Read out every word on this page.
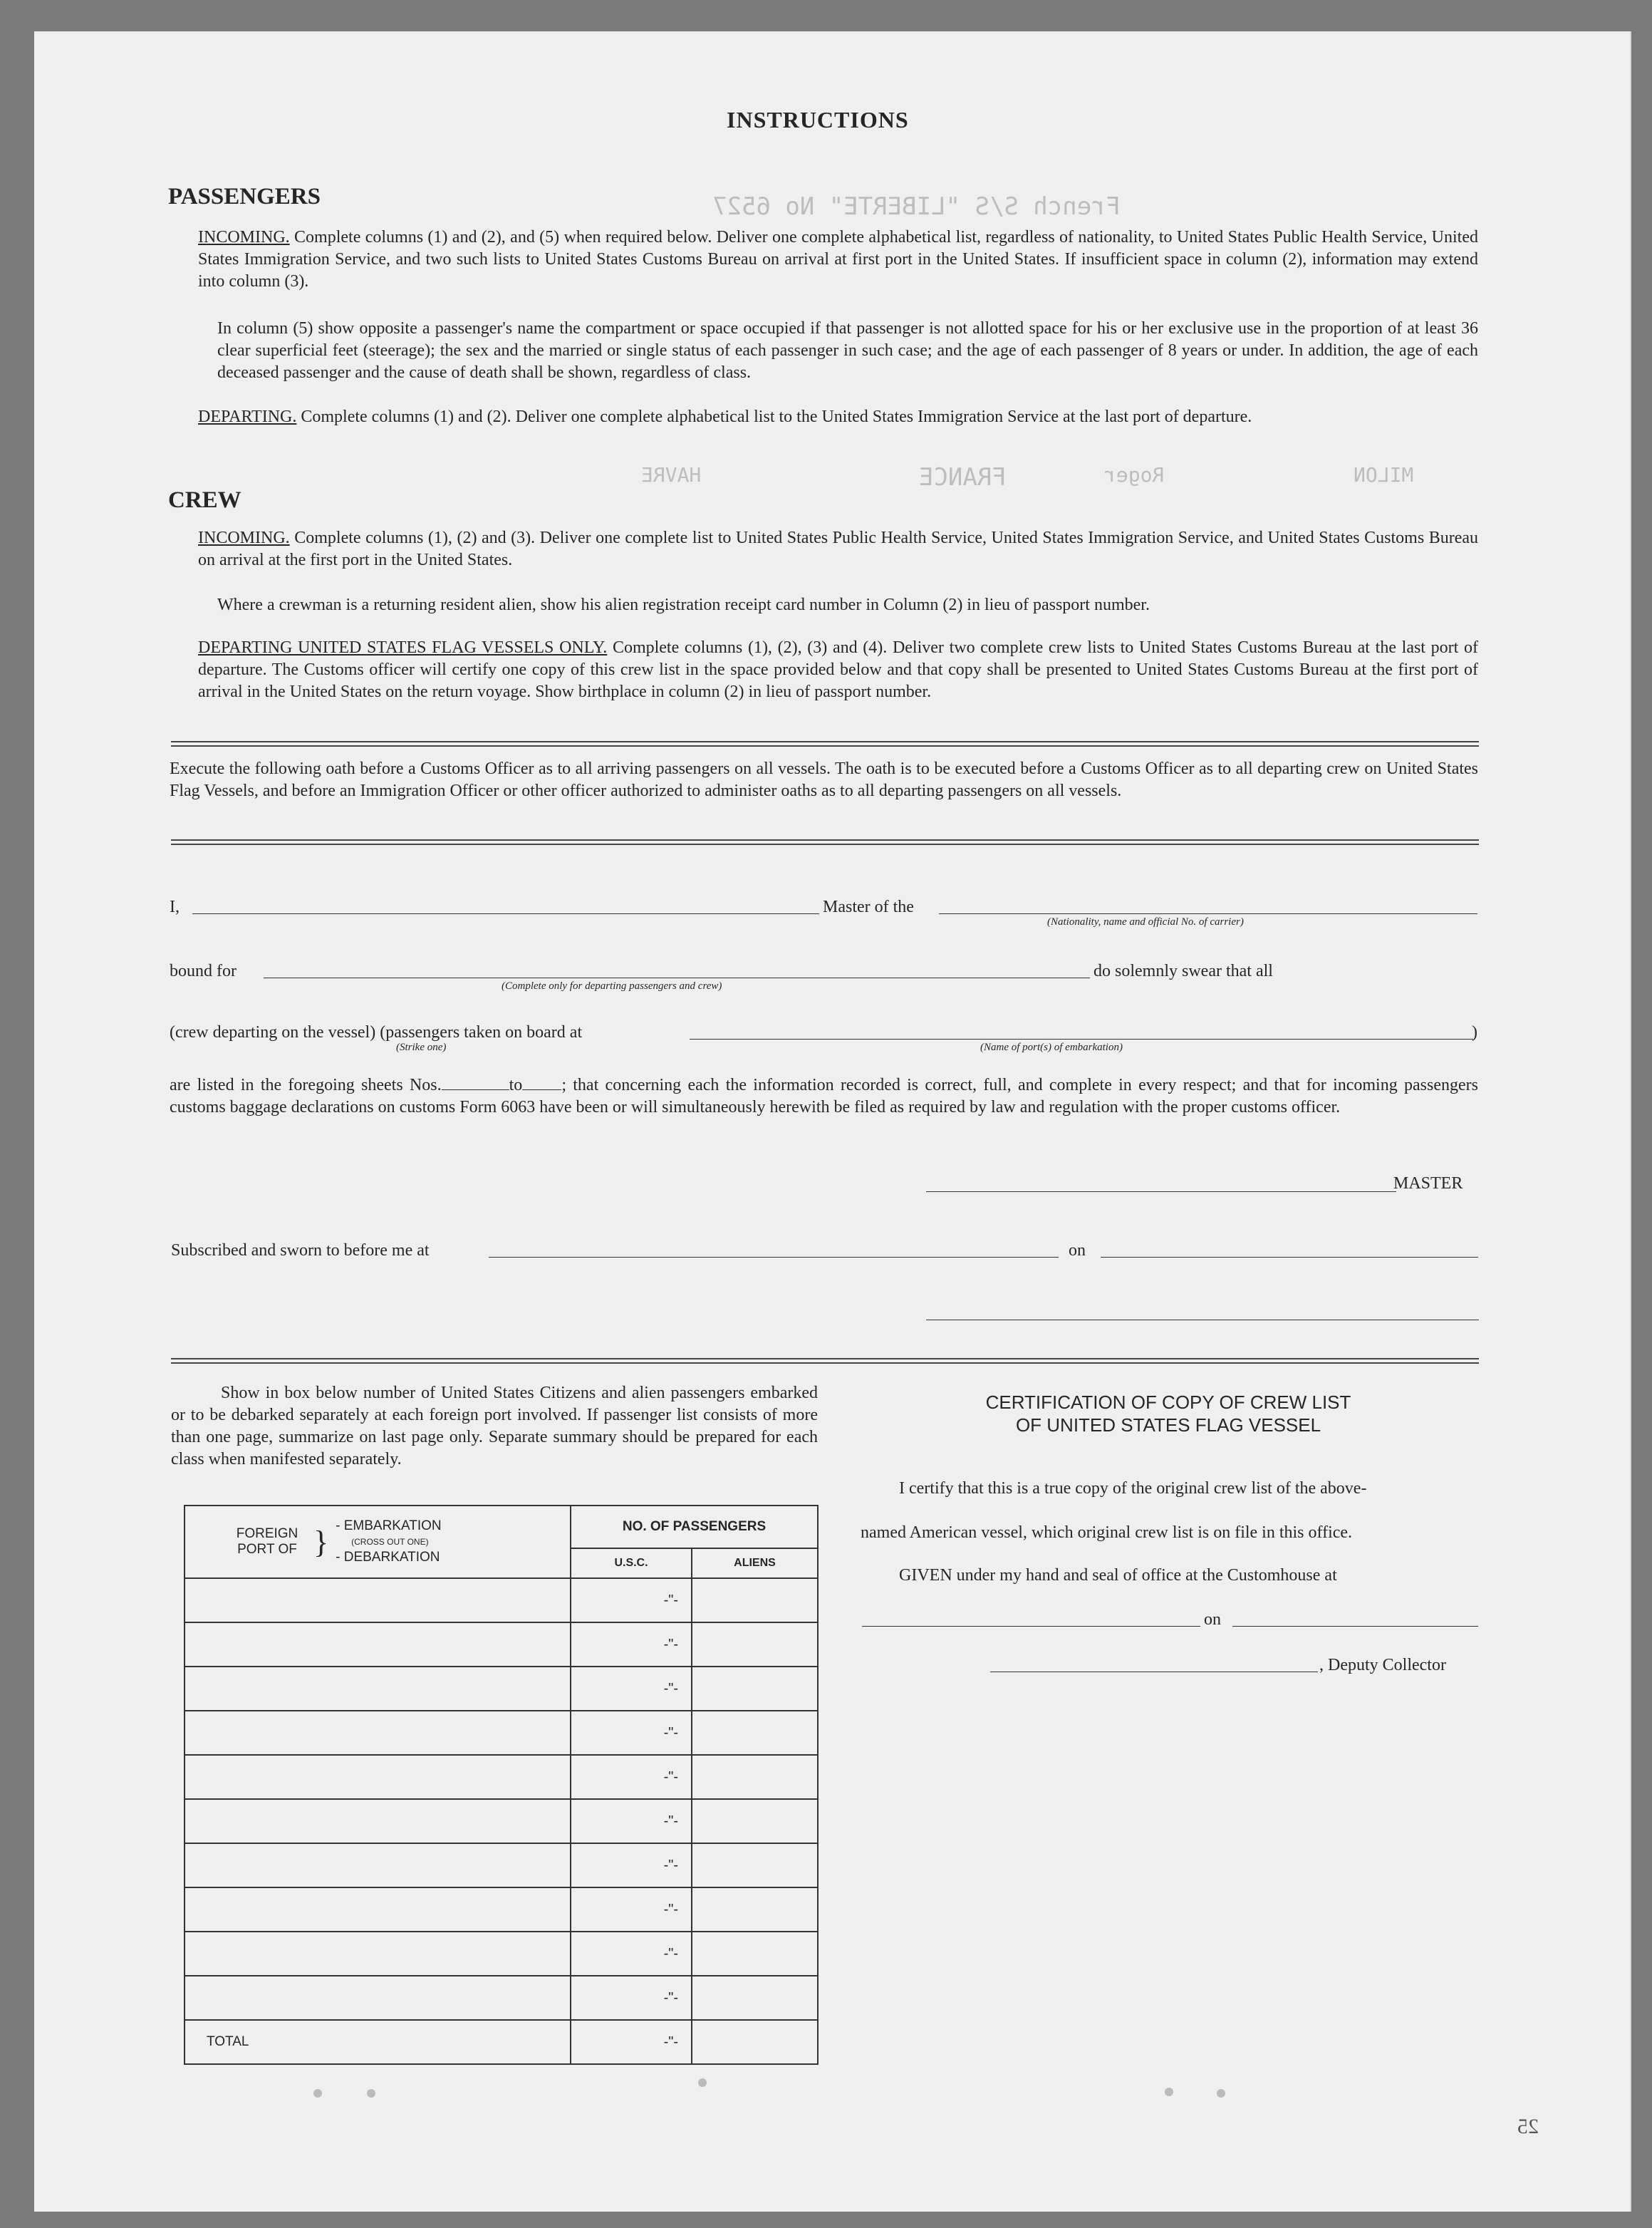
French S/S "LIBERTE" No 6527
FRANCE	MILON
Roger
HAVRE
INSTRUCTIONS
PASSENGERS
INCOMING. Complete columns (1) and (2), and (5) when required below. Deliver one complete alphabetical list, regardless of nationality, to United States Public Health Service, United States Immigration Service, and two such lists to United States Customs Bureau on arrival at first port in the United States. If insufficient space in column (2), information may extend into column (3).
In column (5) show opposite a passenger's name the compartment or space occupied if that passenger is not allotted space for his or her exclusive use in the proportion of at least 36 clear superficial feet (steerage); the sex and the married or single status of each passenger in such case; and the age of each passenger of 8 years or under. In addition, the age of each deceased passenger and the cause of death shall be shown, regardless of class.
DEPARTING. Complete columns (1) and (2). Deliver one complete alphabetical list to the United States Immigration Service at the last port of departure.
CREW
INCOMING. Complete columns (1), (2) and (3). Deliver one complete list to United States Public Health Service, United States Immigration Service, and United States Customs Bureau on arrival at the first port in the United States.
Where a crewman is a returning resident alien, show his alien registration receipt card number in Column (2) in lieu of passport number.
DEPARTING UNITED STATES FLAG VESSELS ONLY. Complete columns (1), (2), (3) and (4). Deliver two complete crew lists to United States Customs Bureau at the last port of departure. The Customs officer will certify one copy of this crew list in the space provided below and that copy shall be presented to United States Customs Bureau at the first port of arrival in the United States on the return voyage. Show birthplace in column (2) in lieu of passport number.
Execute the following oath before a Customs Officer as to all arriving passengers on all vessels. The oath is to be executed before a Customs Officer as to all departing crew on United States Flag Vessels, and before an Immigration Officer or other officer authorized to administer oaths as to all departing passengers on all vessels.
I,	Master of the
(Nationality, name and official No. of carrier)
bound for	do solemnly swear that all
(Complete only for departing passengers and crew)
(crew departing on the vessel) (passengers taken on board at	)
(Strike one)	(Name of port(s) of embarkation)
are listed in the foregoing sheets Nos.	to ; that concerning each the information recorded is correct, full, and complete in every respect; and that for incoming passengers customs baggage declarations on customs Form 6063 have been or will simultaneously herewith be filed as required by law and regulation with the proper customs officer.
MASTER
Subscribed and sworn to before me at	on
Show in box below number of United States Citizens and alien passengers embarked or to be debarked separately at each foreign port involved. If passenger list consists of more than one page, summarize on last page only. Separate summary should be prepared for each class when manifested separately.
FOREIGN PORT OF } - EMBARKATION
(CROSS OUT ONE)
- DEBARKATION	NO. OF PASSENGERS	
	U.S.C.	ALIENS
	-"-	
	-"-	
	-"-	
	-"-	
	-"-	
	-"-	
	-"-	
	-"-	
	-"-	
	-"-	
TOTAL	-"-	
CERTIFICATION OF COPY OF CREW LIST
OF UNITED STATES FLAG VESSEL
I certify that this is a true copy of the original crew list of the above-
named American vessel, which original crew list is on file in this office.
GIVEN under my hand and seal of office at the Customhouse at
on
, Deputy Collector
25
